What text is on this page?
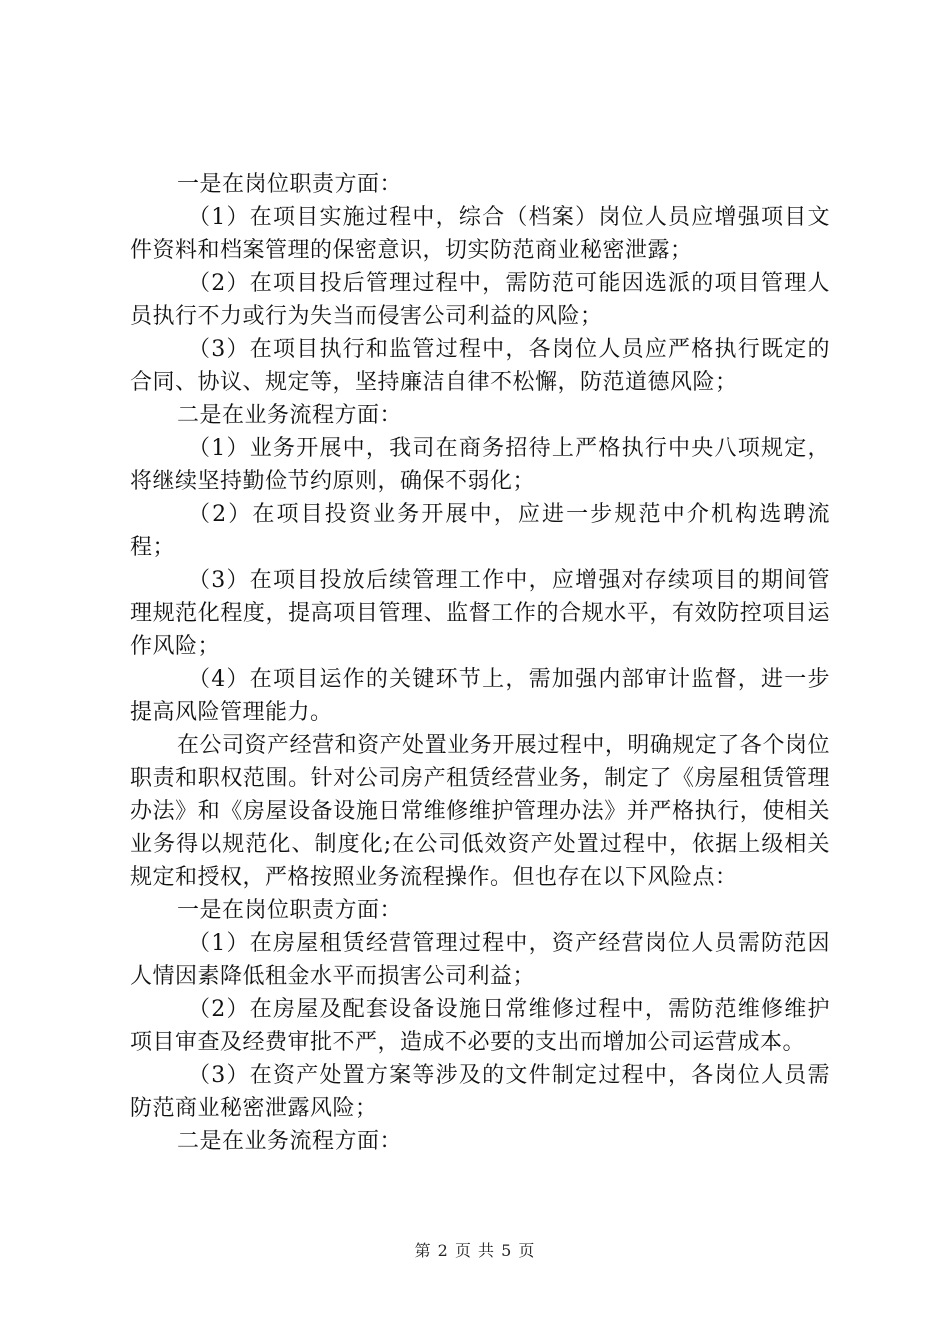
一是在岗位职责方面：

（1）在项目实施过程中，综合（档案）岗位人员应增强项目文件资料和档案管理的保密意识，切实防范商业秘密泄露；

（2）在项目投后管理过程中，需防范可能因选派的项目管理人员执行不力或行为失当而侵害公司利益的风险；

（3）在项目执行和监管过程中，各岗位人员应严格执行既定的合同、协议、规定等，坚持廉洁自律不松懈，防范道德风险；

二是在业务流程方面：

（1）业务开展中，我司在商务招待上严格执行中央八项规定，将继续坚持勤俭节约原则，确保不弱化；

（2）在项目投资业务开展中，应进一步规范中介机构选聘流程；

（3）在项目投放后续管理工作中，应增强对存续项目的期间管理规范化程度，提高项目管理、监督工作的合规水平，有效防控项目运作风险；

（4）在项目运作的关键环节上，需加强内部审计监督，进一步提高风险管理能力。

在公司资产经营和资产处置业务开展过程中，明确规定了各个岗位职责和职权范围。针对公司房产租赁经营业务，制定了《房屋租赁管理办法》和《房屋设备设施日常维修维护管理办法》并严格执行，使相关业务得以规范化、制度化;在公司低效资产处置过程中，依据上级相关规定和授权，严格按照业务流程操作。但也存在以下风险点：

一是在岗位职责方面：

（1）在房屋租赁经营管理过程中，资产经营岗位人员需防范因人情因素降低租金水平而损害公司利益；

（2）在房屋及配套设备设施日常维修过程中，需防范维修维护项目审查及经费审批不严，造成不必要的支出而增加公司运营成本。

（3）在资产处置方案等涉及的文件制定过程中，各岗位人员需防范商业秘密泄露风险；

二是在业务流程方面：

第 2 页 共 5 页
